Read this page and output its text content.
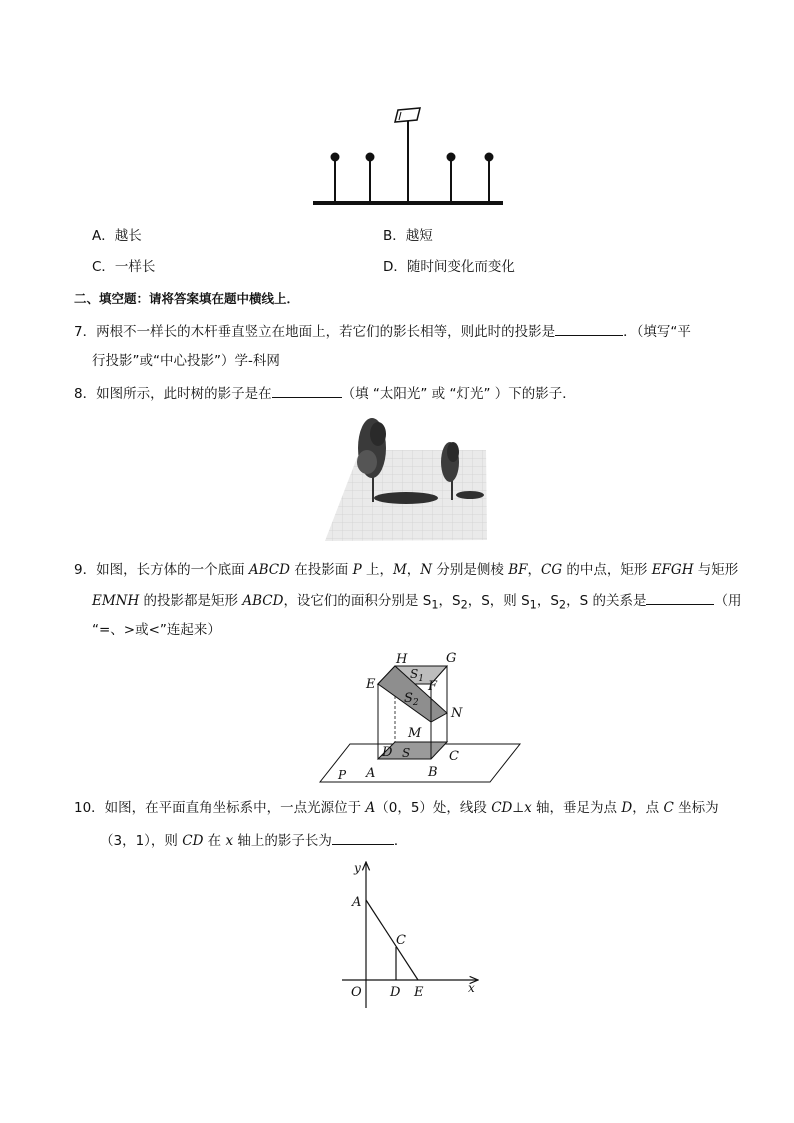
A．越长	B．越短
C．一样长	D．随时间变化而变化
二、填空题：请将答案填在题中横线上．
7．两根不一样长的木杆垂直竖立在地面上，若它们的影长相等，则此时的投影是	．（填写“平
行投影”或“中心投影”）学-科网
8．如图所示，此时树的影子是在	（填 “太阳光” 或 “灯光” ）下的影子．
9．如图，长方体的一个底面 ABCD 在投影面 P 上，M，N 分别是侧棱 BF，CG 的中点，矩形 EFGH 与矩形
EMNH 的投影都是矩形 ABCD，设它们的面积分别是 $S_1$，$S_2$，S，则 $S_1$，$S_2$，S 的关系是	（用
“=、>或<”连起来）
H	G
$S_1$
E	F
$S_2$
N
M
D	C
A
S
B
P
10．如图，在平面直角坐标系中，一点光源位于 A（0，5）处，线段 CD⊥x 轴，垂足为点 D，点 C 坐标为
（3，1），则 CD 在 x 轴上的影子长为	．
y
A
C
O D E	x
